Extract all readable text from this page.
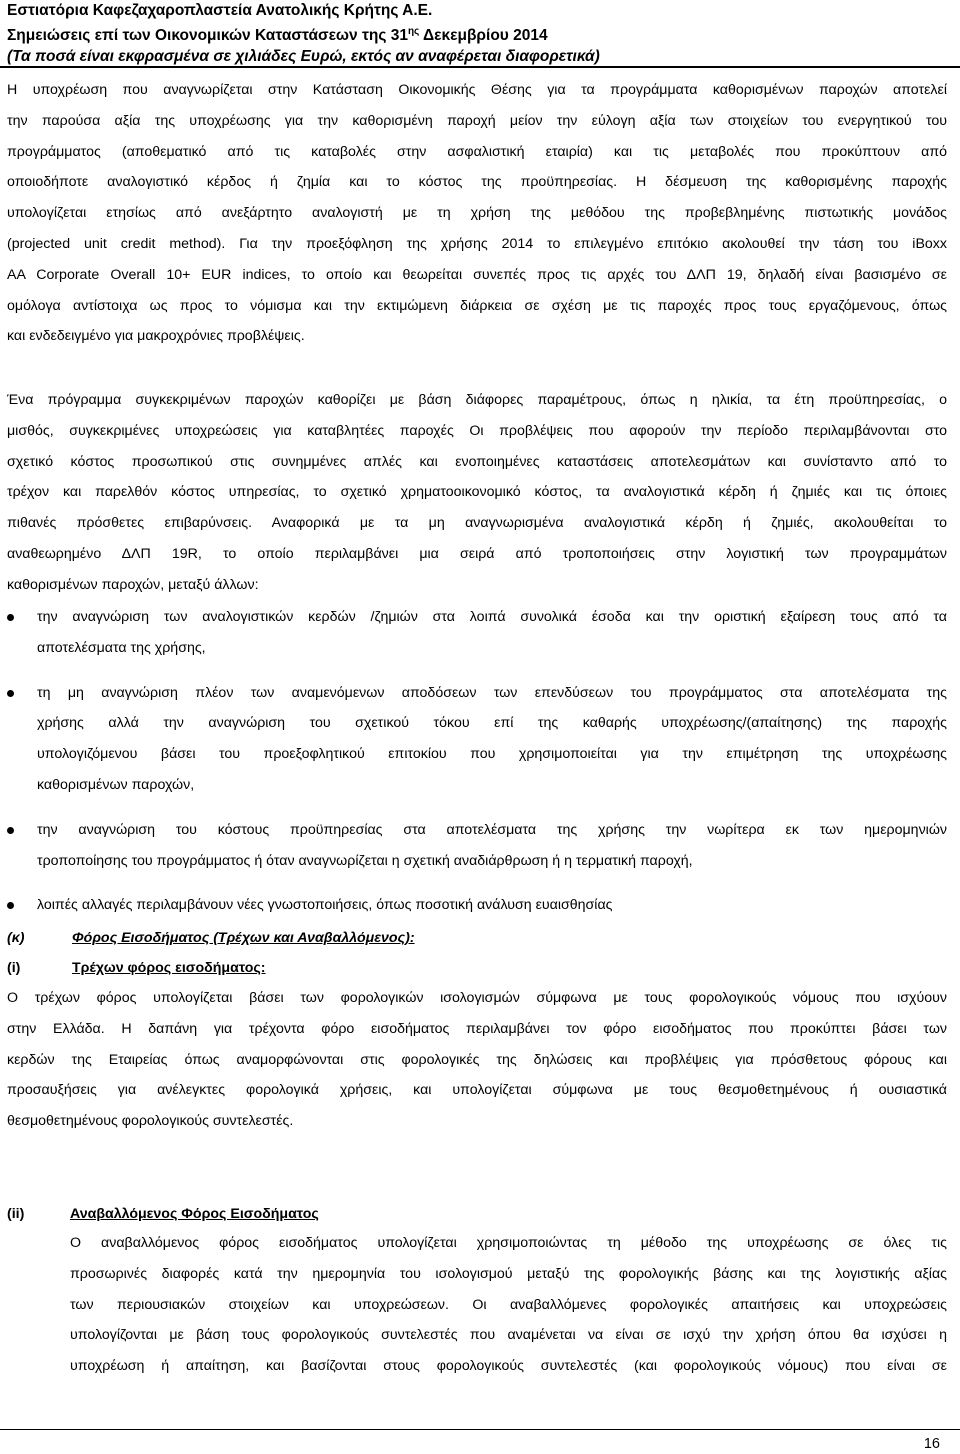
Εστιατόρια Καφεζαχαροπλαστεία Ανατολικής Κρήτης Α.Ε.
Σημειώσεις επί των Οικονομικών Καταστάσεων της $31^{\eta\varsigma}$ Δεκεμβρίου 2014
(Τα ποσά είναι εκφρασμένα σε χιλιάδες Ευρώ, εκτός αν αναφέρεται διαφορετικά)
Η υποχρέωση που αναγνωρίζεται στην Κατάσταση Οικονομικής Θέσης για τα προγράμματα καθορισμένων παροχών αποτελεί
την παρούσα αξία της υποχρέωσης για την καθορισμένη παροχή μείον την εύλογη αξία των στοιχείων του ενεργητικού του
προγράμματος (αποθεματικό από τις καταβολές στην ασφαλιστική εταιρία) και τις μεταβολές που προκύπτουν από
οποιοδήποτε αναλογιστικό κέρδος ή ζημία και το κόστος της προϋπηρεσίας. Η δέσμευση της καθορισμένης παροχής
υπολογίζεται ετησίως από ανεξάρτητο αναλογιστή με τη χρήση της μεθόδου της προβεβλημένης πιστωτικής μονάδος
(projected unit credit method). Για την προεξόφληση της χρήσης 2014 το επιλεγμένο επιτόκιο ακολουθεί την τάση του iBoxx
AA Corporate Overall 10+ EUR indices, το οποίο και θεωρείται συνεπές προς τις αρχές του ΔΛΠ 19, δηλαδή είναι βασισμένο σε
ομόλογα αντίστοιχα ως προς το νόμισμα και την εκτιμώμενη διάρκεια σε σχέση με τις παροχές προς τους εργαζόμενους, όπως
και ενδεδειγμένο για μακροχρόνιες προβλέψεις.
Ένα πρόγραμμα συγκεκριμένων παροχών καθορίζει με βάση διάφορες παραμέτρους, όπως η ηλικία, τα έτη προϋπηρεσίας, ο
μισθός, συγκεκριμένες υποχρεώσεις για καταβλητέες παροχές Οι προβλέψεις που αφορούν την περίοδο περιλαμβάνονται στο
σχετικό κόστος προσωπικού στις συνημμένες απλές και ενοποιημένες καταστάσεις αποτελεσμάτων και συνίσταντο από το
τρέχον και παρελθόν κόστος υπηρεσίας, το σχετικό χρηματοοικονομικό κόστος, τα αναλογιστικά κέρδη ή ζημιές και τις όποιες
πιθανές πρόσθετες επιβαρύνσεις. Αναφορικά με τα μη αναγνωρισμένα αναλογιστικά κέρδη ή ζημιές, ακολουθείται το
αναθεωρημένο ΔΛΠ 19R, το οποίο περιλαμβάνει μια σειρά από τροποποιήσεις στην λογιστική των προγραμμάτων
καθορισμένων παροχών, μεταξύ άλλων:
την αναγνώριση των αναλογιστικών κερδών /ζημιών στα λοιπά συνολικά έσοδα και την οριστική εξαίρεση τους από τα
αποτελέσματα της χρήσης,
τη μη αναγνώριση πλέον των αναμενόμενων αποδόσεων των επενδύσεων του προγράμματος στα αποτελέσματα της
χρήσης αλλά την αναγνώριση του σχετικού τόκου επί της καθαρής υποχρέωσης/(απαίτησης) της παροχής
υπολογιζόμενου βάσει του προεξοφλητικού επιτοκίου που χρησιμοποιείται για την επιμέτρηση της υποχρέωσης
καθορισμένων παροχών,
την αναγνώριση του κόστους προϋπηρεσίας στα αποτελέσματα της χρήσης την νωρίτερα εκ των ημερομηνιών
τροποποίησης του προγράμματος ή όταν αναγνωρίζεται η σχετική αναδιάρθρωση ή η τερματική παροχή,
λοιπές αλλαγές περιλαμβάνουν νέες γνωστοποιήσεις, όπως ποσοτική ανάλυση ευαισθησίας
(κ)	Φόρος Εισοδήματος (Τρέχων και Αναβαλλόμενος):
(i)	Τρέχων φόρος εισοδήματος:
Ο τρέχων φόρος υπολογίζεται βάσει των φορολογικών ισολογισμών σύμφωνα με τους φορολογικούς νόμους που ισχύουν
στην Ελλάδα. Η δαπάνη για τρέχοντα φόρο εισοδήματος περιλαμβάνει τον φόρο εισοδήματος που προκύπτει βάσει των
κερδών της Εταιρείας όπως αναμορφώνονται στις φορολογικές της δηλώσεις και προβλέψεις για πρόσθετους φόρους και
προσαυξήσεις για ανέλεγκτες φορολογικά χρήσεις, και υπολογίζεται σύμφωνα με τους θεσμοθετημένους ή ουσιαστικά
θεσμοθετημένους φορολογικούς συντελεστές.
(ii)	Αναβαλλόμενος Φόρος Εισοδήματος
Ο αναβαλλόμενος φόρος εισοδήματος υπολογίζεται χρησιμοποιώντας τη μέθοδο της υποχρέωσης σε όλες τις
προσωρινές διαφορές κατά την ημερομηνία του ισολογισμού μεταξύ της φορολογικής βάσης και της λογιστικής αξίας
των περιουσιακών στοιχείων και υποχρεώσεων. Οι αναβαλλόμενες φορολογικές απαιτήσεις και υποχρεώσεις
υπολογίζονται με βάση τους φορολογικούς συντελεστές που αναμένεται να είναι σε ισχύ την χρήση όπου θα ισχύσει η
υποχρέωση ή απαίτηση, και βασίζονται στους φορολογικούς συντελεστές (και φορολογικούς νόμους) που είναι σε
16
